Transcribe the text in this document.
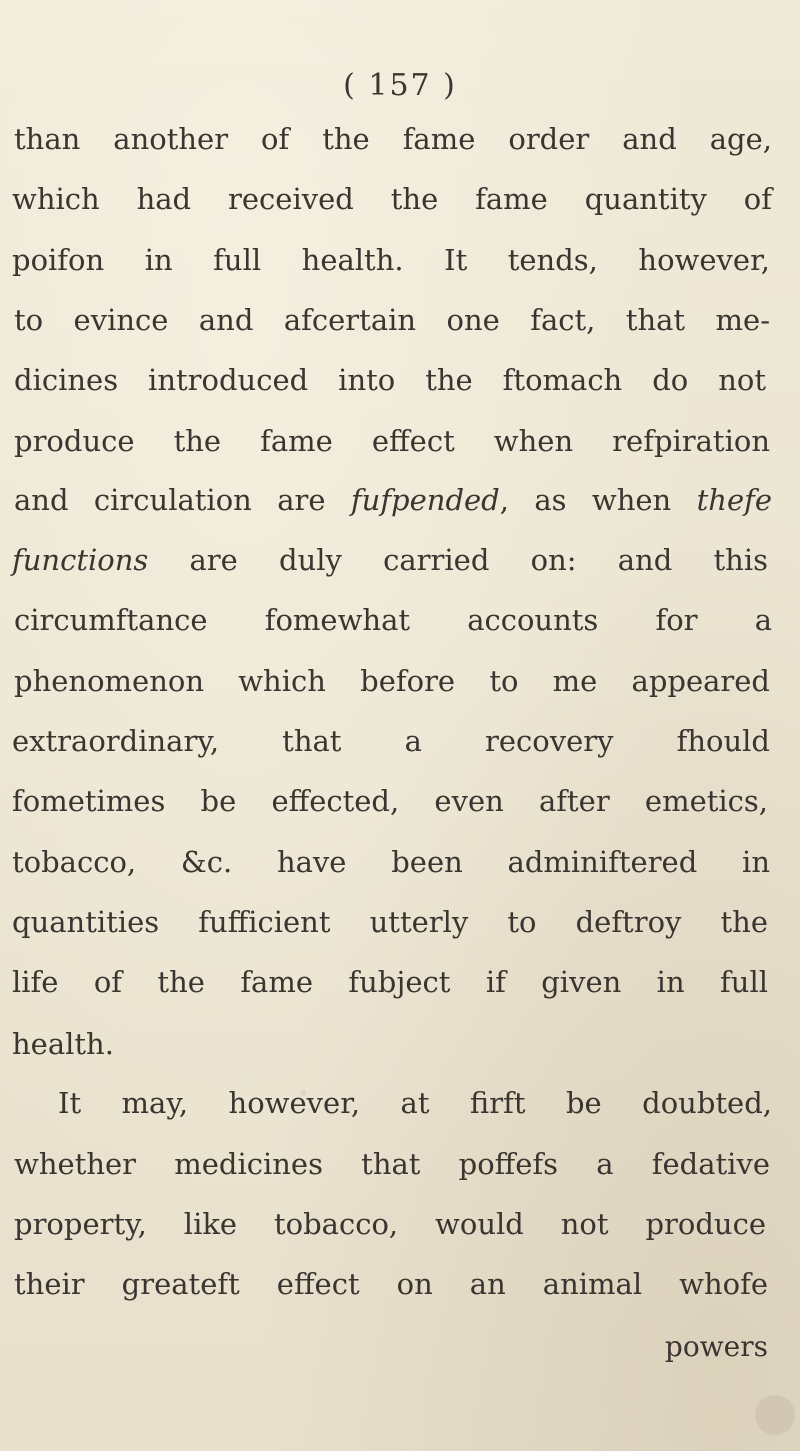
( 157 )
than another of the fame order and age,
which had received the fame quantity of
poifon in full health. It tends, however,
to evince and afcertain one fact, that me-
dicines introduced into the ftomach do not
produce the fame effect when refpiration
and circulation are fufpended, as when thefe
functions are duly carried on: and this
circumftance fomewhat accounts for a
phenomenon which before to me appeared
extraordinary, that a recovery fhould
fometimes be effected, even after emetics,
tobacco, &c. have been adminiftered in
quantities fufficient utterly to deftroy the
life of the fame fubject if given in full
health.
It may, however, at firft be doubted,
whether medicines that poffefs a fedative
property, like tobacco, would not produce
their greateft effect on an animal whofe
powers
